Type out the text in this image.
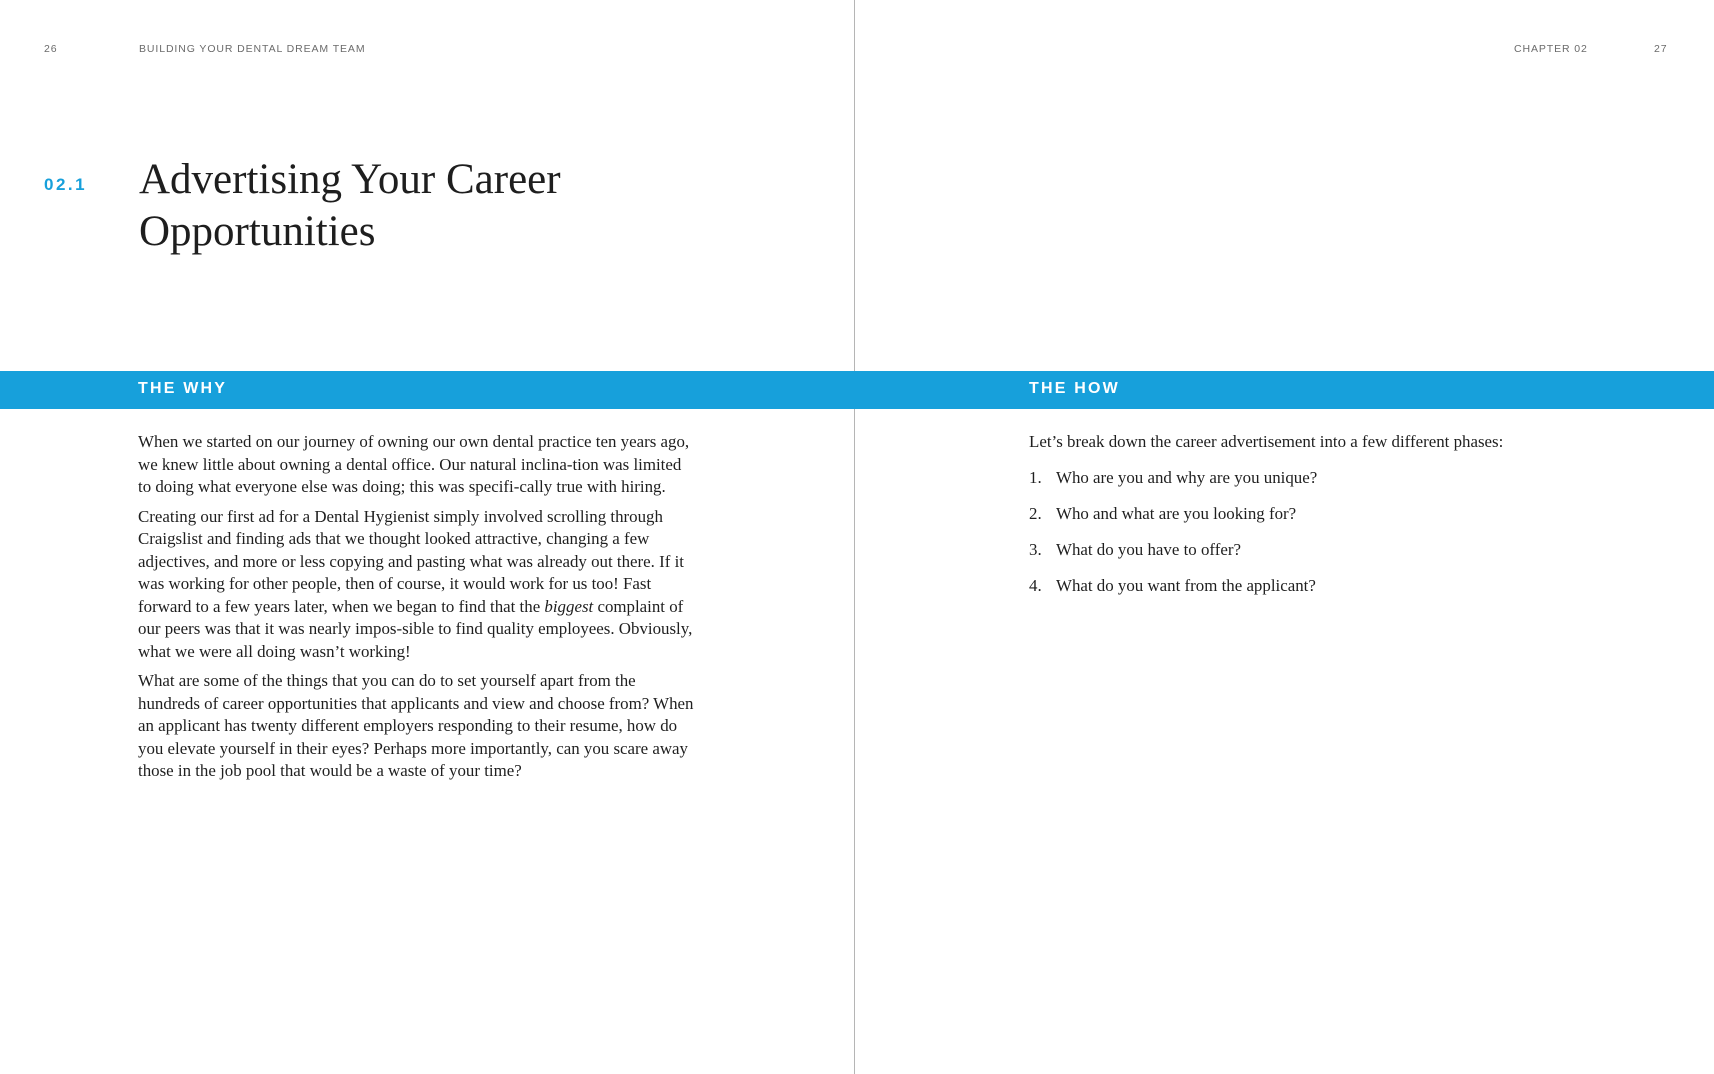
26	BUILDING YOUR DENTAL DREAM TEAM	CHAPTER 02	27
02.1 Advertising Your Career
Opportunities
THE WHY	THE HOW

When we started on our journey of owning our own dental practice ten years ago, we knew little about owning a dental office. Our natural inclina-tion was limited to doing what everyone else was doing; this was specifi-cally true with hiring.

Creating our first ad for a Dental Hygienist simply involved scrolling through Craigslist and finding ads that we thought looked attractive, changing a few adjectives, and more or less copying and pasting what was already out there. If it was working for other people, then of course, it would work for us too! Fast forward to a few years later, when we began to find that the biggest complaint of our peers was that it was nearly impos-sible to find quality employees. Obviously, what we were all doing wasn’t working!

What are some of the things that you can do to set yourself apart from the hundreds of career opportunities that applicants and view and choose from? When an applicant has twenty different employers responding to their resume, how do you elevate yourself in their eyes? Perhaps more importantly, can you scare away those in the job pool that would be a waste of your time?

Let’s break down the career advertisement into a few different phases:

1. Who are you and why are you unique?
2. Who and what are you looking for?
3. What do you have to offer?
4. What do you want from the applicant?
